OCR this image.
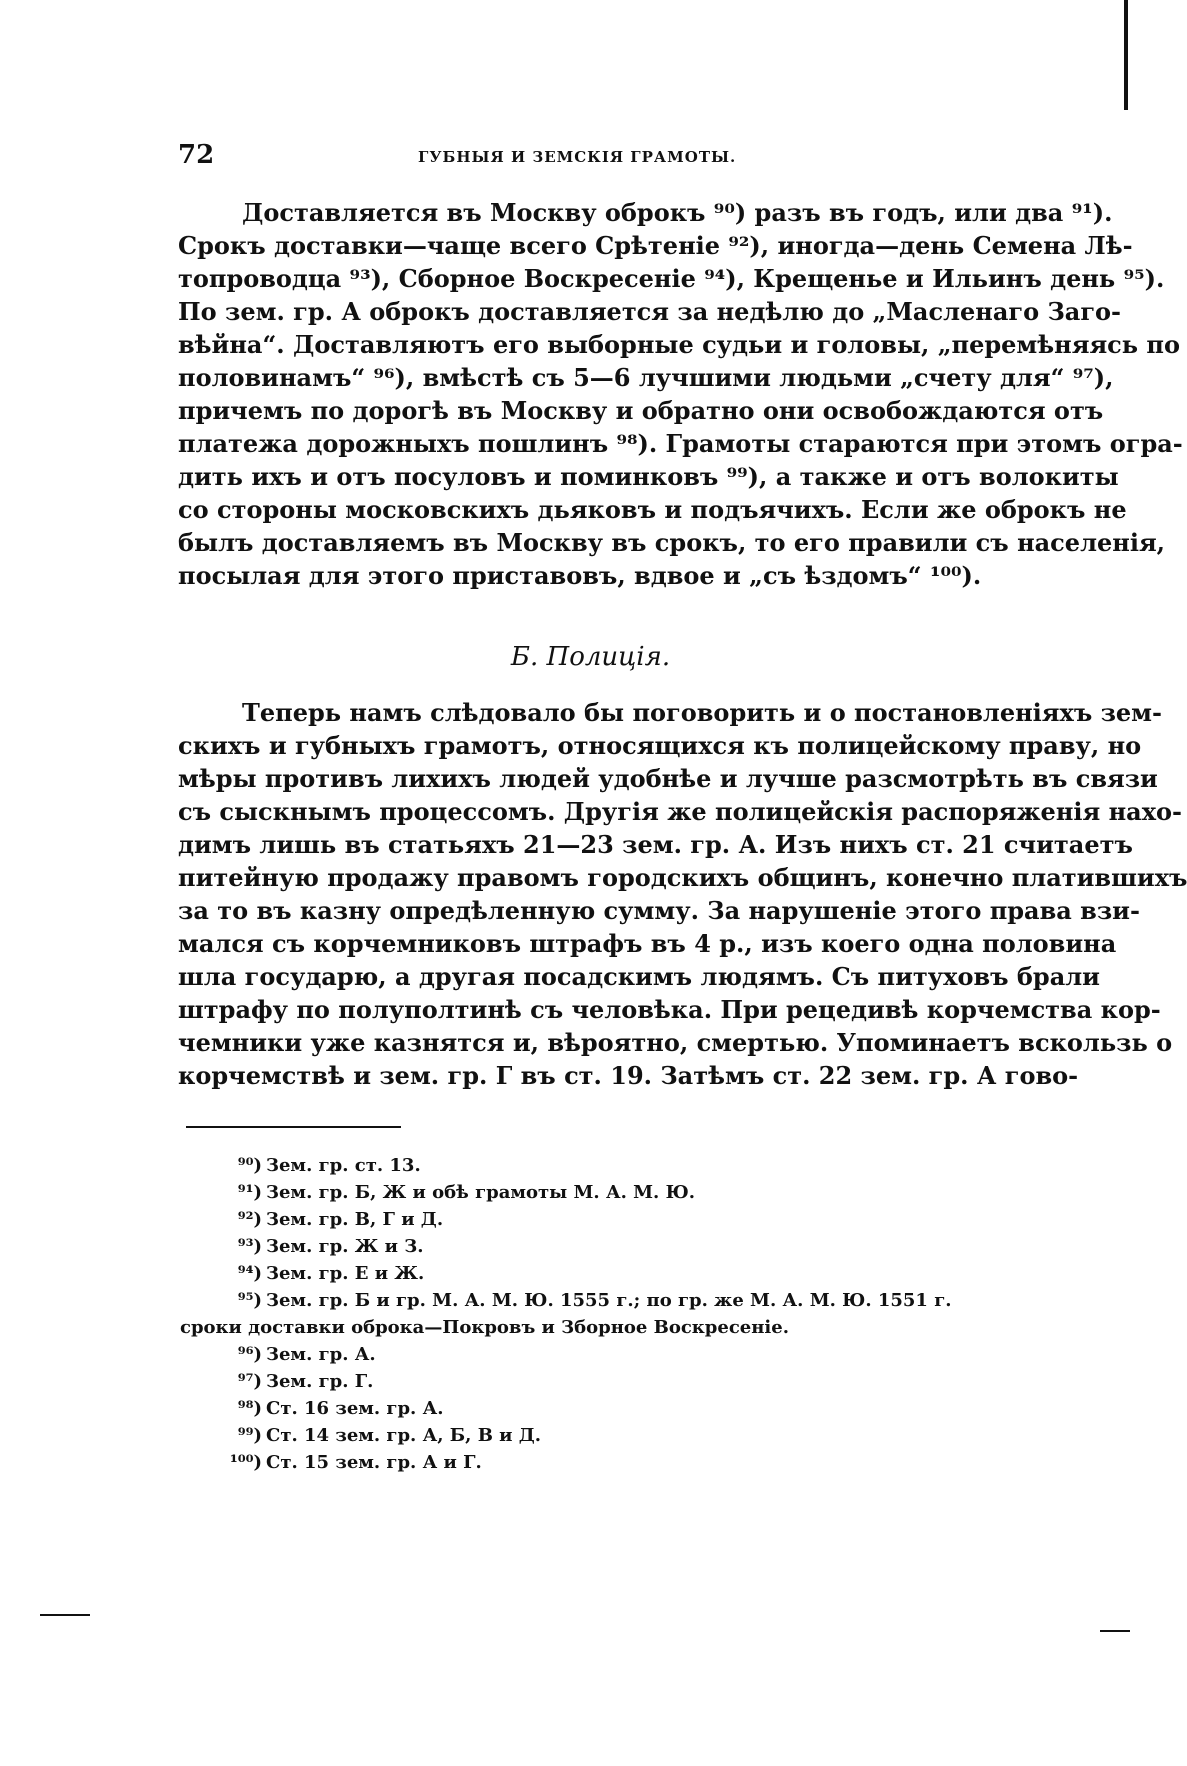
72	ГУБНЫЯ И ЗЕМСКІЯ ГРАМОТЫ.
Доставляется въ Москву оброкъ ⁹⁰) разъ въ годъ, или два ⁹¹).
Срокъ доставки—чаще всего Срѣтеніе ⁹²), иногда—день Семена Лѣ-
топроводца ⁹³), Сборное Воскресеніе ⁹⁴), Крещенье и Ильинъ день ⁹⁵).
По зем. гр. А оброкъ доставляется за недѣлю до „Масленаго Заго-
вѣйна“. Доставляютъ его выборные судьи и головы, „перемѣняясь по
половинамъ“ ⁹⁶), вмѣстѣ съ 5—6 лучшими людьми „счету для“ ⁹⁷),
причемъ по дорогѣ въ Москву и обратно они освобождаются отъ
платежа дорожныхъ пошлинъ ⁹⁸). Грамоты стараются при этомъ огра-
дить ихъ и отъ посуловъ и поминковъ ⁹⁹), а также и отъ волокиты
со стороны московскихъ дьяковъ и подъячихъ. Если же оброкъ не
былъ доставляемъ въ Москву въ срокъ, то его правили съ населенія,
посылая для этого приставовъ, вдвое и „съ ѣздомъ“ ¹⁰⁰).
Б. Полиція.
Теперь намъ слѣдовало бы поговорить и о постановленіяхъ зем-
скихъ и губныхъ грамотъ, относящихся къ полицейскому праву, но
мѣры противъ лихихъ людей удобнѣе и лучше разсмотрѣть въ связи
съ сыскнымъ процессомъ. Другія же полицейскія распоряженія нахо-
димъ лишь въ статьяхъ 21—23 зем. гр. А. Изъ нихъ ст. 21 считаетъ
питейную продажу правомъ городскихъ общинъ, конечно платившихъ
за то въ казну опредѣленную сумму. За нарушеніе этого права взи-
мался съ корчемниковъ штрафъ въ 4 р., изъ коего одна половина
шла государю, а другая посадскимъ людямъ. Съ питуховъ брали
штрафу по полуполтинѣ съ человѣка. При рецедивѣ корчемства кор-
чемники уже казнятся и, вѣроятно, смертью. Упоминаетъ вскользь о
корчемствѣ и зем. гр. Г въ ст. 19. Затѣмъ ст. 22 зем. гр. А гово-
⁹⁰) Зем. гр. ст. 13.
⁹¹) Зем. гр. Б, Ж и обѣ грамоты М. А. М. Ю.
⁹²) Зем. гр. В, Г и Д.
⁹³) Зем. гр. Ж и З.
⁹⁴) Зем. гр. Е и Ж.
⁹⁵) Зем. гр. Б и гр. М. А. М. Ю. 1555 г.; по гр. же М. А. М. Ю. 1551 г.
сроки доставки оброка—Покровъ и Зборное Воскресеніе.
⁹⁶) Зем. гр. А.
⁹⁷) Зем. гр. Г.
⁹⁸) Ст. 16 зем. гр. А.
⁹⁹) Ст. 14 зем. гр. А, Б, В и Д.
¹⁰⁰) Ст. 15 зем. гр. А и Г.
